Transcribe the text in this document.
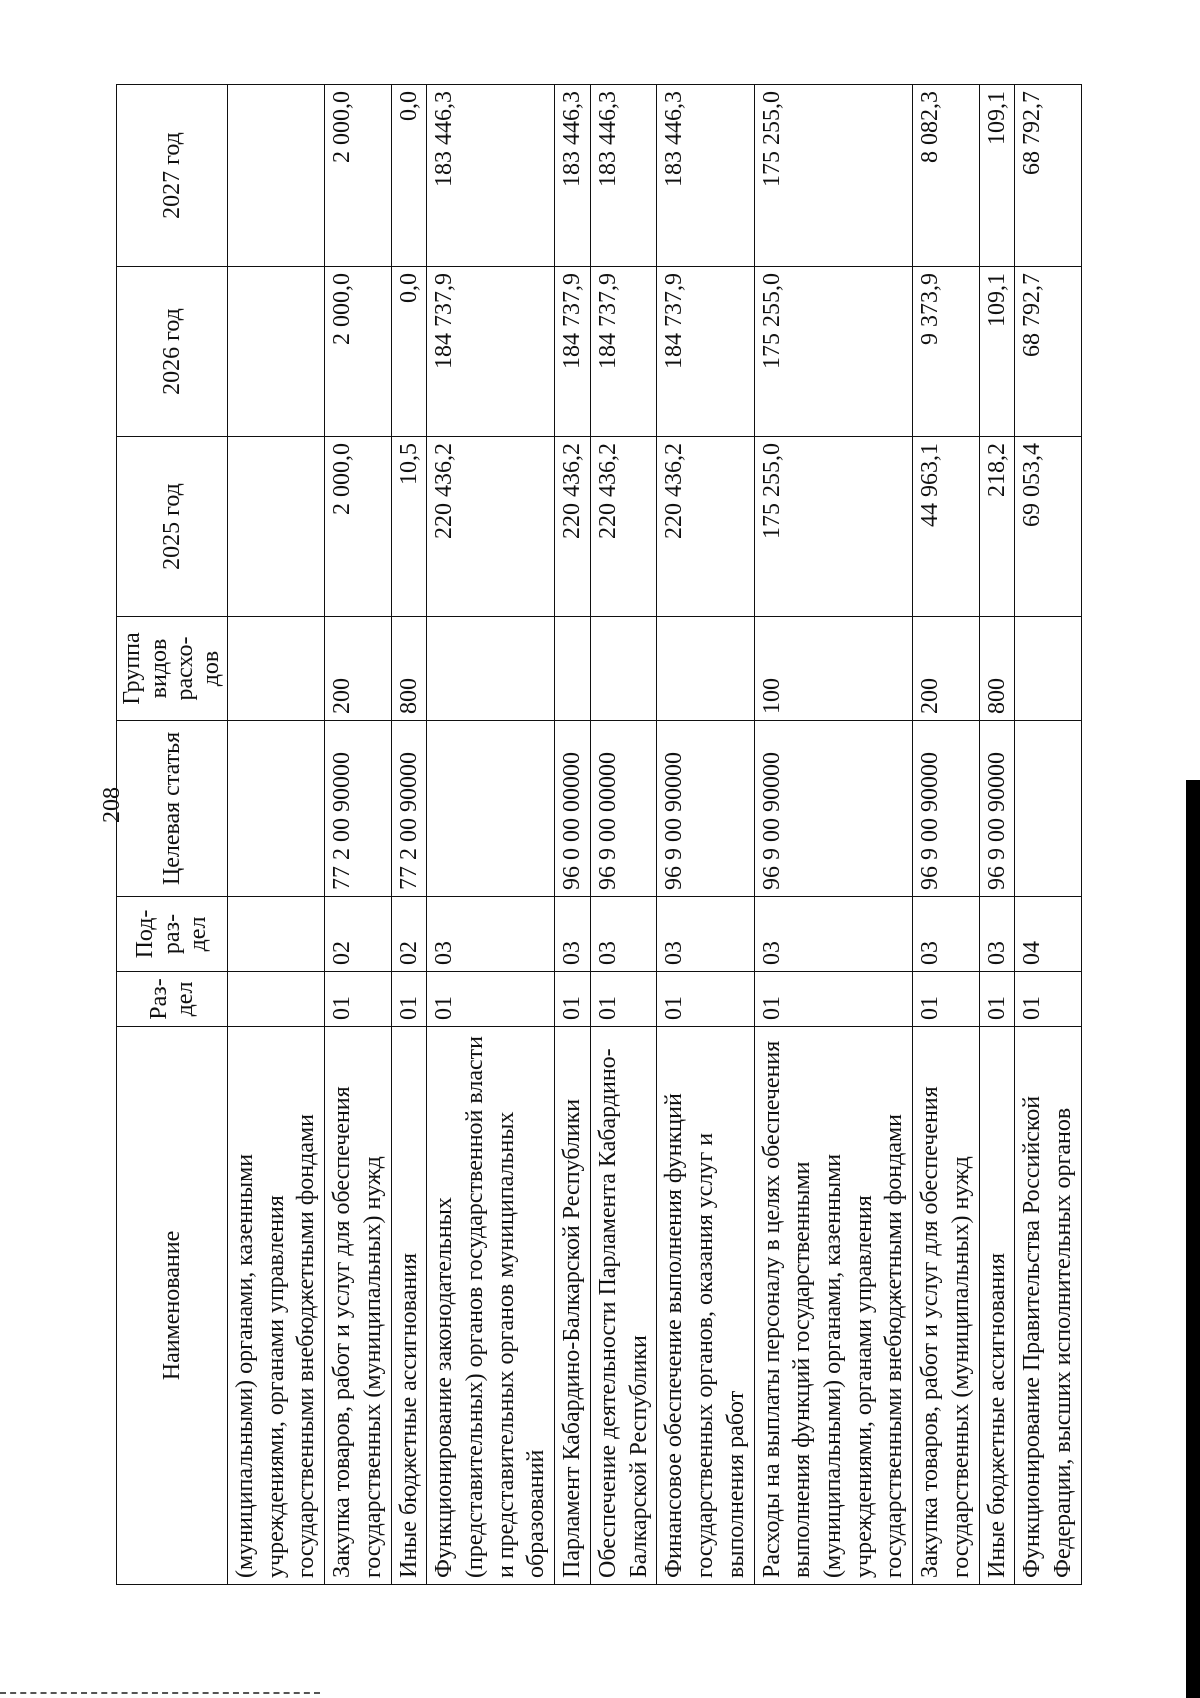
208
Наименование	Раз-дел	Под-раз-дел	Целевая статья	Группа видов расхо-дов	2025 год	2026 год	2027 год
(муниципальными) органами, казенными учреждениями, органами управления государственными внебюджетными фондами							
Закупка товаров, работ и услуг для обеспечения государственных (муниципальных) нужд	01	02	77 2 00 90000	200	2 000,0	2 000,0	2 000,0
Иные бюджетные ассигнования	01	02	77 2 00 90000	800	10,5	0,0	0,0
Функционирование законодательных (представительных) органов государственной власти и представительных органов муниципальных образований	01	03			220 436,2	184 737,9	183 446,3
Парламент Кабардино-Балкарской Республики	01	03	96 0 00 00000		220 436,2	184 737,9	183 446,3
Обеспечение деятельности Парламента Кабардино-Балкарской Республики	01	03	96 9 00 00000		220 436,2	184 737,9	183 446,3
Финансовое обеспечение выполнения функций государственных органов, оказания услуг и выполнения работ	01	03	96 9 00 90000		220 436,2	184 737,9	183 446,3
Расходы на выплаты персоналу в целях обеспечения выполнения функций государственными (муниципальными) органами, казенными учреждениями, органами управления государственными внебюджетными фондами	01	03	96 9 00 90000	100	175 255,0	175 255,0	175 255,0
Закупка товаров, работ и услуг для обеспечения государственных (муниципальных) нужд	01	03	96 9 00 90000	200	44 963,1	9 373,9	8 082,3
Иные бюджетные ассигнования	01	03	96 9 00 90000	800	218,2	109,1	109,1
Функционирование Правительства Российской Федерации, высших исполнительных органов	01	04			69 053,4	68 792,7	68 792,7
